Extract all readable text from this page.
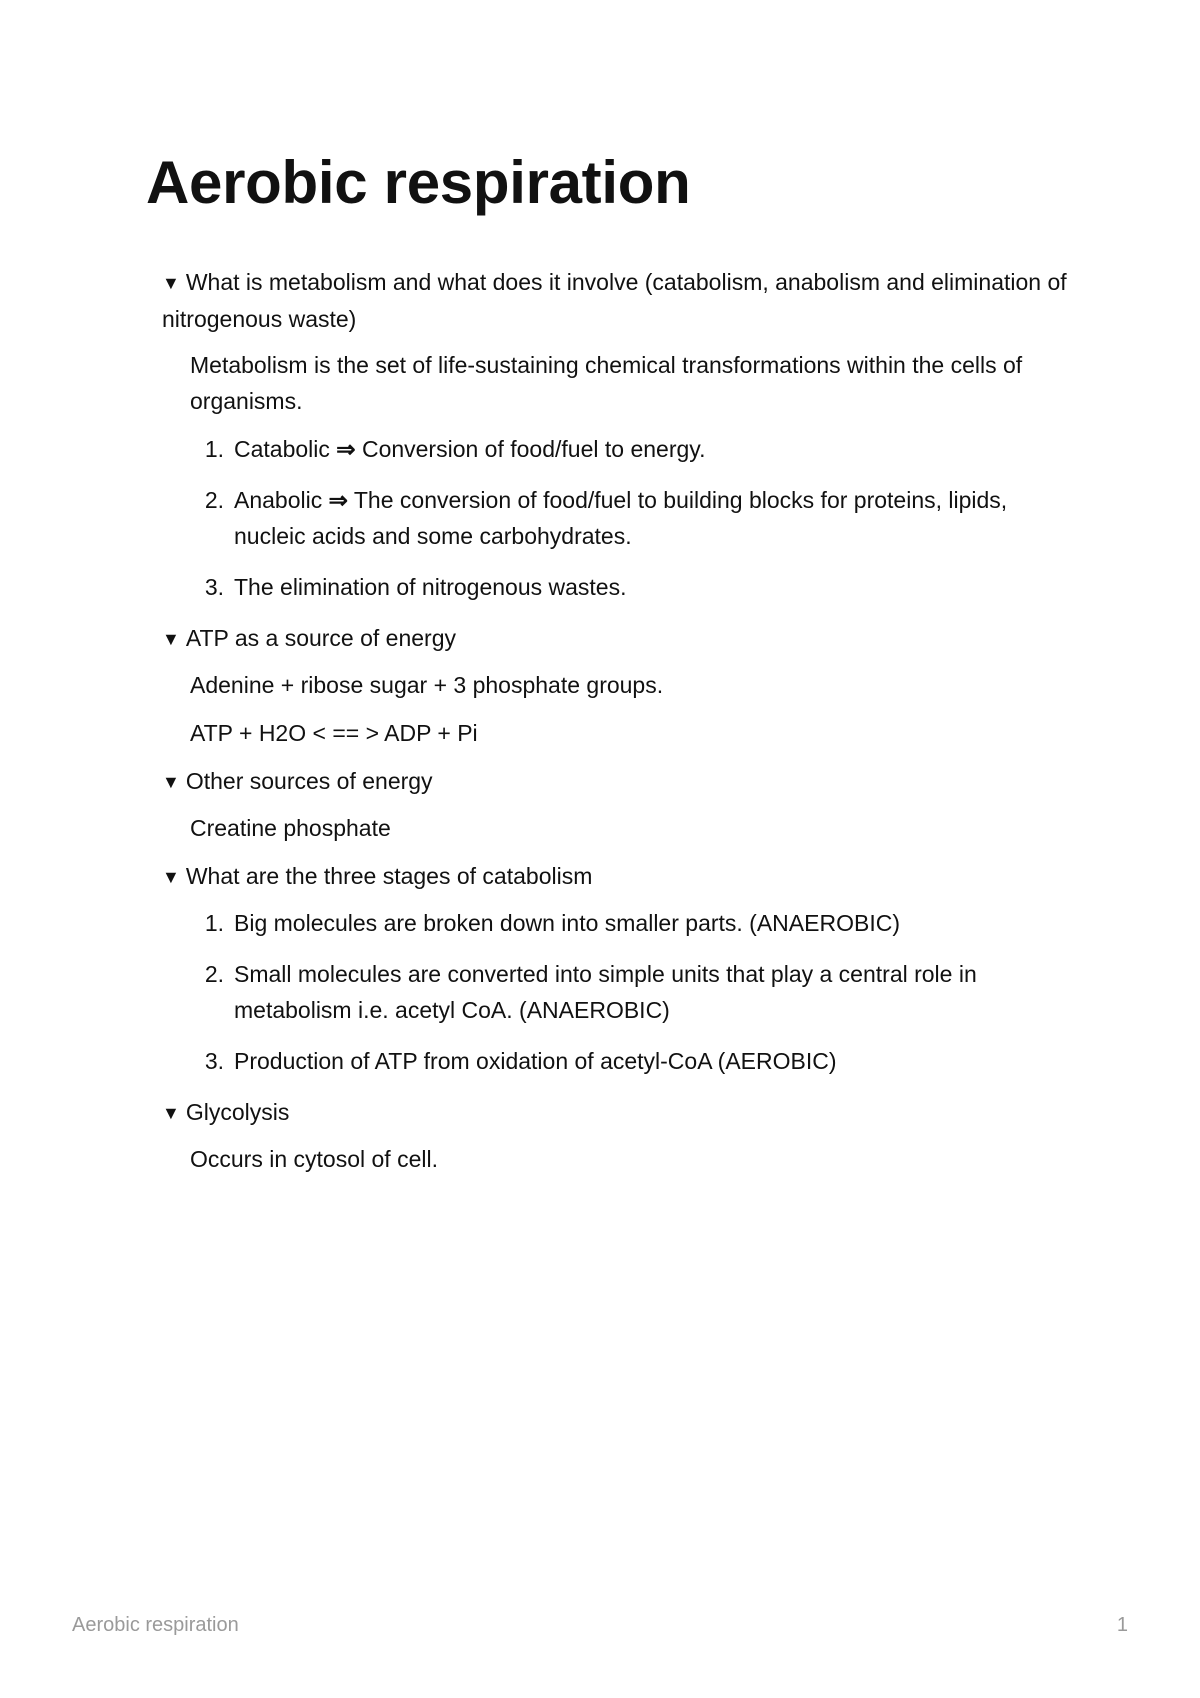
Aerobic respiration
▼ What is metabolism and what does it involve (catabolism, anabolism and elimination of nitrogenous waste)

Metabolism is the set of life-sustaining chemical transformations within the cells of organisms.

1. Catabolic ⇒ Conversion of food/fuel to energy.
2. Anabolic ⇒ The conversion of food/fuel to building blocks for proteins, lipids, nucleic acids and some carbohydrates.
3. The elimination of nitrogenous wastes.
▼ ATP as a source of energy

Adenine + ribose sugar + 3 phosphate groups.

ATP + H2O < == > ADP + Pi

▼ Other sources of energy

Creatine phosphate

▼ What are the three stages of catabolism
1. Big molecules are broken down into smaller parts. (ANAEROBIC)
2. Small molecules are converted into simple units that play a central role in metabolism i.e. acetyl CoA. (ANAEROBIC)
3. Production of ATP from oxidation of acetyl-CoA (AEROBIC)
▼ Glycolysis

Occurs in cytosol of cell.

Aerobic respiration	1
